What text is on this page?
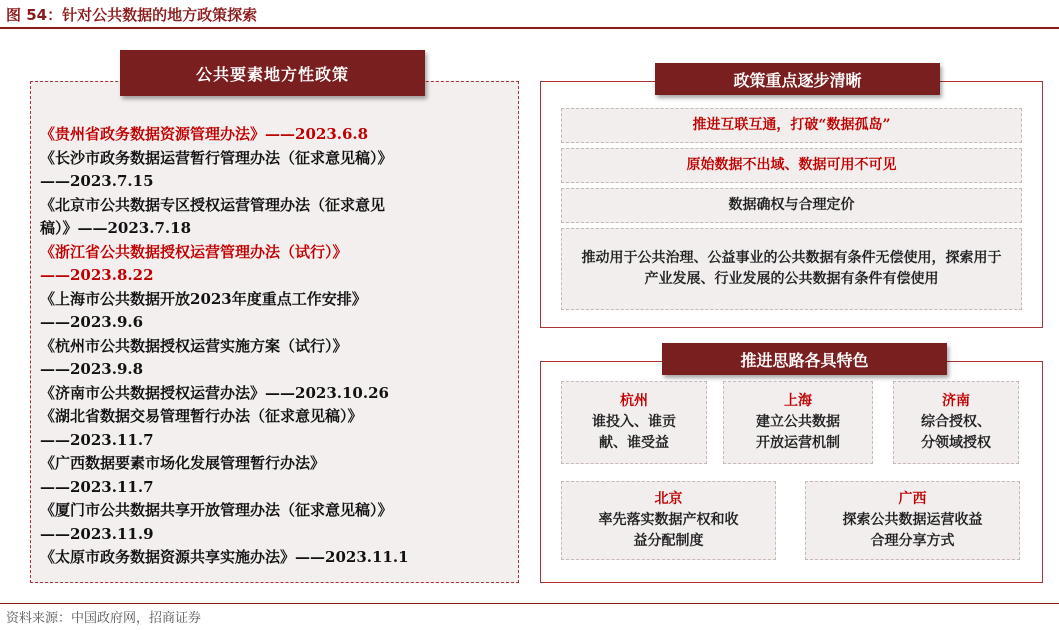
图 54：针对公共数据的地方政策探索
公共要素地方性政策
《贵州省政务数据资源管理办法》——2023.6.8
《长沙市政务数据运营暂行管理办法（征求意见稿）》
——2023.7.15
《北京市公共数据专区授权运营管理办法（征求意见
稿）》——2023.7.18
《浙江省公共数据授权运营管理办法（试行）》
——2023.8.22
《上海市公共数据开放2023年度重点工作安排》
——2023.9.6
《杭州市公共数据授权运营实施方案（试行）》
——2023.9.8
《济南市公共数据授权运营办法》——2023.10.26
《湖北省数据交易管理暂行办法（征求意见稿）》
——2023.11.7
《广西数据要素市场化发展管理暂行办法》
——2023.11.7
《厦门市公共数据共享开放管理办法（征求意见稿）》
——2023.11.9
《太原市政务数据资源共享实施办法》——2023.11.1
政策重点逐步清晰
推进互联互通，打破“数据孤岛”
原始数据不出域、数据可用不可见
数据确权与合理定价
推动用于公共治理、公益事业的公共数据有条件无偿使用，探索用于产业发展、行业发展的公共数据有条件有偿使用
推进思路各具特色
杭州
谁投入、谁贡
献、谁受益
上海
建立公共数据
开放运营机制
济南
综合授权、
分领域授权
北京
率先落实数据产权和收
益分配制度
广西
探索公共数据运营收益
合理分享方式
资料来源：中国政府网，招商证券
